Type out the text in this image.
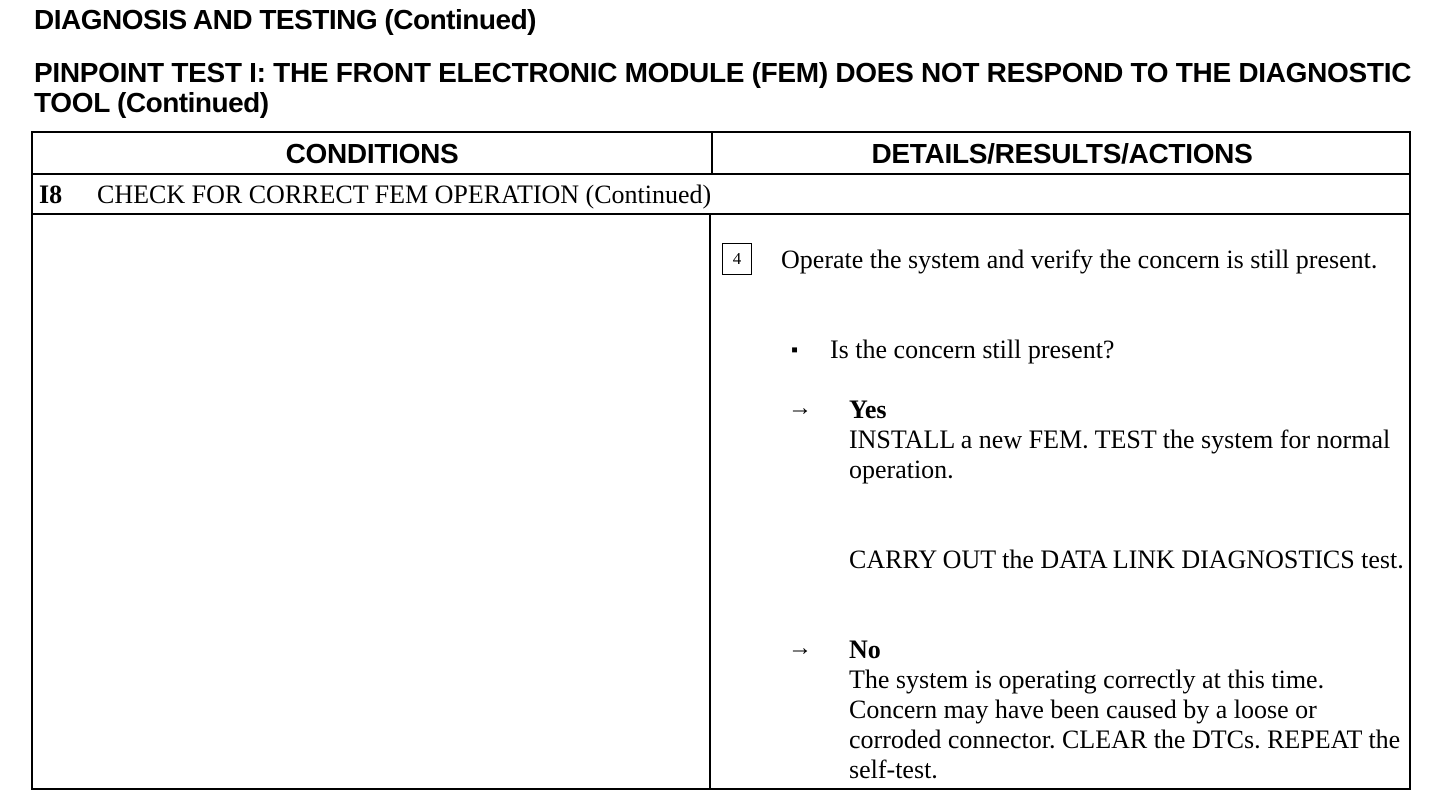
DIAGNOSIS AND TESTING (Continued)
PINPOINT TEST I: THE FRONT ELECTRONIC MODULE (FEM) DOES NOT RESPOND TO THE DIAGNOSTIC TOOL (Continued)
CONDITIONS	DETAILS/RESULTS/ACTIONS
I8 CHECK FOR CORRECT FEM OPERATION (Continued)
4	Operate the system and verify the concern is still present.
▪ Is the concern still present?
→ Yes
INSTALL a new FEM. TEST the system for normal operation.
CARRY OUT the DATA LINK DIAGNOSTICS test.
→ No
The system is operating correctly at this time. Concern may have been caused by a loose or corroded connector. CLEAR the DTCs. REPEAT the self-test.
